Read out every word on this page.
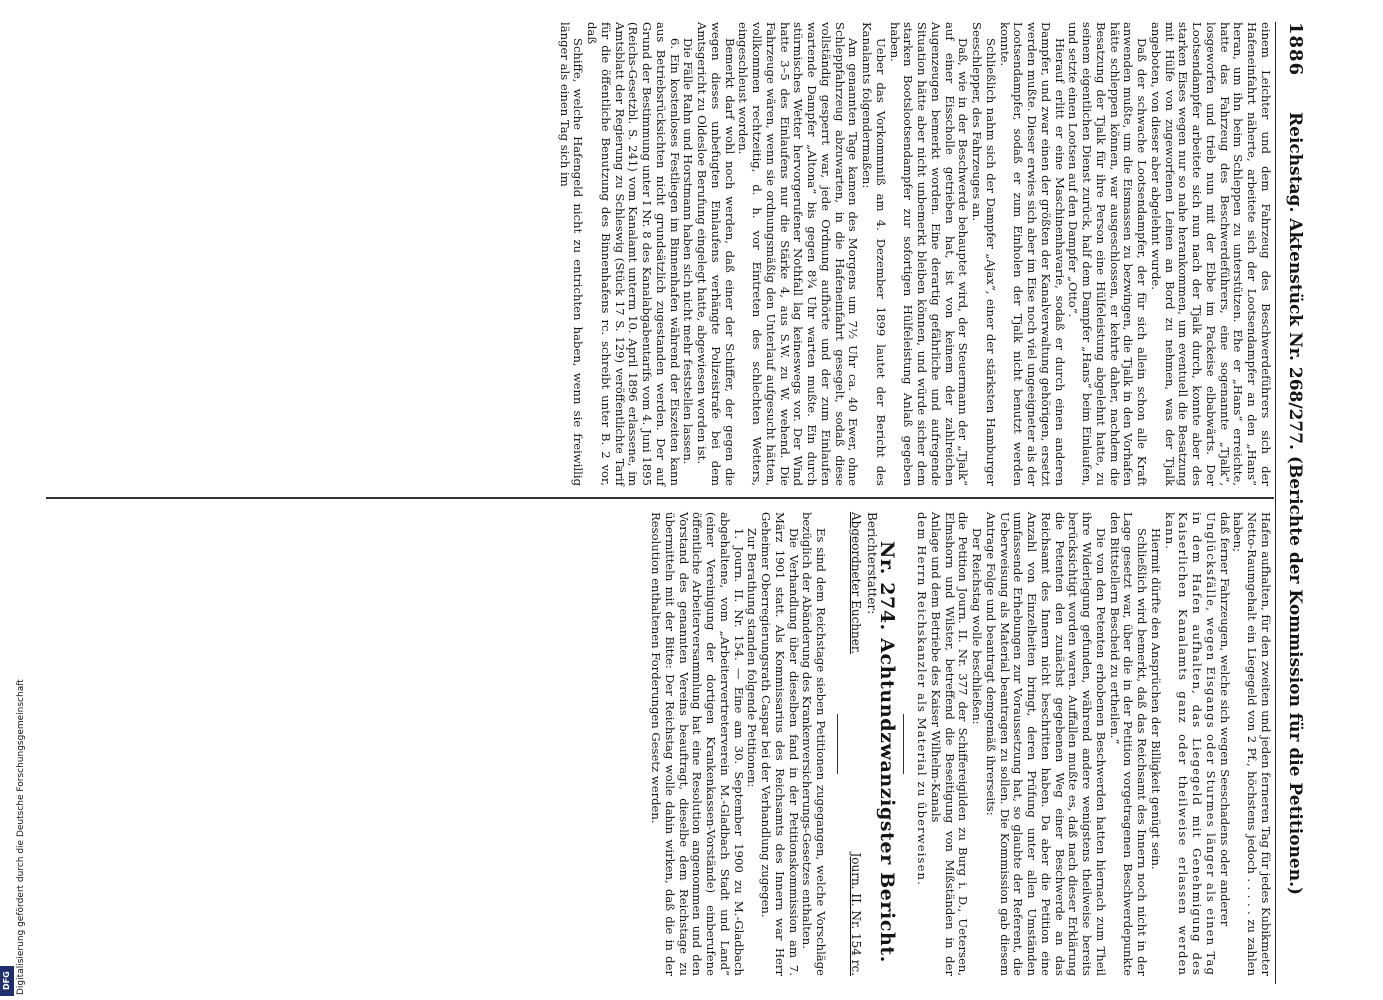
Digitalisierung gefördert durch die Deutsche Forschungsgemeinschaft
DFG
1886
Reichstag. Aktenstück Nr. 268/277. (Berichte der Kommission für die Petitionen.)

einem Leichter und dem Fahrzeug des Beschwerdeführers sich der Hafeneinfahrt näherte, arbeitete sich der Lootsendampfer an den „Hans“ heran, um ihn beim Schleppen zu unterstützen. Ehe er „Hans“ erreichte, hatte das Fahrzeug des Beschwerdeführers, eine sogenannte „Tjalk“, losgeworfen und trieb nun mit der Ebbe im Packeise elbabwärts. Der Lootsendampfer arbeitete sich nun nach der Tjalk durch, konnte aber des starken Eises wegen nur so nahe herankommen, um eventuell die Besatzung mit Hülfe von zugeworfenen Leinen an Bord zu nehmen, was der Tjalk angeboten, von dieser aber abgelehnt wurde.

Daß der schwache Lootsendampfer, der für sich allein schon alle Kraft anwenden mußte, um die Eismassen zu bezwingen, die Tjalk in den Vorhafen hätte schleppen können, war ausgeschlossen, er kehrte daher, nachdem die Besatzung der Tjalk für ihre Person eine Hülfeleistung abgelehnt hatte, zu seinem eigentlichen Dienst zurück, half dem Dampfer „Hans“ beim Einlaufen, und setzte einen Lootsen auf den Dampfer „Otto“.

Hierauf erlitt er eine Maschinenhavarie, sodaß er durch einen anderen Dampfer, und zwar einen der größten der Kanalverwaltung gehörigen, ersetzt werden mußte. Dieser erwies sich aber im Eise noch viel ungeeigneter als der Lootsendampfer, sodaß er zum Einholen der Tjalk nicht benutzt werden konnte.

Schließlich nahm sich der Dampfer „Ajax“, einer der stärksten Hamburger Seeschlepper, des Fahrzeuges an.

Daß, wie in der Beschwerde behauptet wird, der Steuermann der „Tjalk“ auf einer Eisscholle getrieben hat, ist von keinem der zahlreichen Augenzeugen bemerkt worden. Eine derartig gefährliche und aufregende Situation hätte aber nicht unbemerkt bleiben können, und würde sicher dem starken Bootslootsendampfer zur sofortigen Hülfeleistung Anlaß gegeben haben.

Ueber das Vorkommniß am 4. Dezember 1899 lautet der Bericht des Kanalamts folgendermaßen:

Am genannten Tage kamen des Morgens um 7½ Uhr ca. 40 Ewer, ohne Schleppfahrzeug abzuwarten, in die Hafeneinfahrt gesegelt, sodaß diese vollständig gesperrt war, jede Ordnung aufhörte und der zum Einlaufen wartende Dampfer „Altona“ bis gegen 8¾ Uhr warten mußte. Ein durch stürmisches Wetter hervorgerufener Nothfall lag keineswegs vor. Der Wind hatte 3–5 des Einlaufens nur die Stärke 4, aus S.W. zu W. wehend. Die Fahrzeuge wären, wenn sie ordnungsmäßig den Unterlauf aufgesucht hätten, vollkommen rechtzeitig, d. h. vor Eintreten des schlechten Wetters, eingeschleust worden.

Bemerkt darf wohl noch werden, daß einer der Schiffer, der gegen die wegen dieses unbefugten Einlaufens verhängte Polizeistrafe bei dem Amtsgericht zu Oldesloe Berufung eingelegt hatte, abgewiesen worden ist.

Die Fälle Rahn und Horstmann haben sich nicht mehr feststellen lassen.

6. Ein kostenloses Festliegen im Binnenhafen während der Eiszeiten kann aus Betriebsrücksichten nicht grundsätzlich zugestanden werden. Der auf Grund der Bestimmung unter I Nr. 8 des Kanalabgabentarifs vom 4. Juni 1895 (Reichs-Gesetzbl. S. 241) vom Kanalamt unterm 10. April 1896 erlassene, im Amtsblatt der Regierung zu Schleswig (Stück 17 S. 129) veröffentlichte Tarif für die öffentliche Benutzung des Binnenhafens rc. schreibt unter B. 2 vor, daß

Schiffe, welche Hafengeld nicht zu entrichten haben, wenn sie freiwillig länger als einen Tag sich im

Hafen aufhalten, für den zweiten und jeden ferneren Tag für jedes Kubikmeter Netto-Raumgehalt ein Liegegeld von 2 Pf., höchstens jedoch . . . . . zu zahlen haben;

daß ferner Fahrzeugen, welche sich wegen Seeschadens oder anderer

Unglücksfälle, wegen Eisgangs oder Sturmes länger als einen Tag in dem Hafen aufhalten, das Liegegeld mit Genehmigung des Kaiserlichen Kanalamts ganz oder theilweise erlassen werden kann.

Hiermit dürfte den Ansprüchen der Billigkeit genügt sein.

Schließlich wird bemerkt, daß das Reichsamt des Innern noch nicht in der Lage gesetzt war, über die in der Petition vorgetragenen Beschwerdepunkte den Bittstellern Bescheid zu ertheilen.“

Die von den Petenten erhobenen Beschwerden hatten hiernach zum Theil ihre Widerlegung gefunden, während andere wenigstens theilweise bereits berücksichtigt worden waren. Auffallen mußte es, daß nach dieser Erklärung die Petenten den zunächst gegebenen Weg einer Beschwerde an das Reichsamt des Innern nicht beschritten haben. Da aber die Petition eine Anzahl von Einzelheiten bringt, deren Prüfung unter allen Umständen umfassende Erhebungen zur Voraussetzung hat, so glaubte der Referent, die Ueberweisung als Material beantragen zu sollen. Die Kommission gab diesem Antrage Folge und beantragt demgemäß ihrerseits:

Der Reichstag wolle beschließen:

die Petition Journ. II. Nr. 377 der Schiffereigilden zu Burg i. D., Uetersen, Elmshorn und Wilster, betreffend die Beseitigung von Mißständen in der Anlage und dem Betriebe des Kaiser Wilhelm-Kanals

dem Herrn Reichskanzler als Material zu überweisen.

Nr. 274. Achtundzwanzigster Bericht.

Berichterstatter:
Abgeordneter Euchner.
Journ. II. Nr. 154 rc.

Es sind dem Reichstage sieben Petitionen zugegangen, welche Vorschläge bezüglich der Abänderung des Krankenversicherungs-Gesetzes enthalten.

Die Verhandlung über dieselben fand in der Petitionskommission am 7. März 1901 statt. Als Kommissarius des Reichsamts des Innern war Herr Geheimer Oberregierungsrath Caspar bei der Verhandlung zugegen.

Zur Berathung standen folgende Petitionen:

1. Journ. II. Nr. 154. — Eine am 30. September 1900 zu M.-Gladbach abgehaltene, vom „Arbeitervertreterverein M.-Gladbach Stadt und Land“ (einer Vereinigung der dortigen Krankenkassen-Vorstände) einberufene öffentliche Arbeiterversammlung hat eine Resolution angenommen und den Vorstand des genannten Vereins beauftragt, dieselbe dem Reichstage zu übermitteln mit der Bitte: Der Reichstag wolle dahin wirken, daß die in der Resolution enthaltenen Forderungen Gesetz werden.
